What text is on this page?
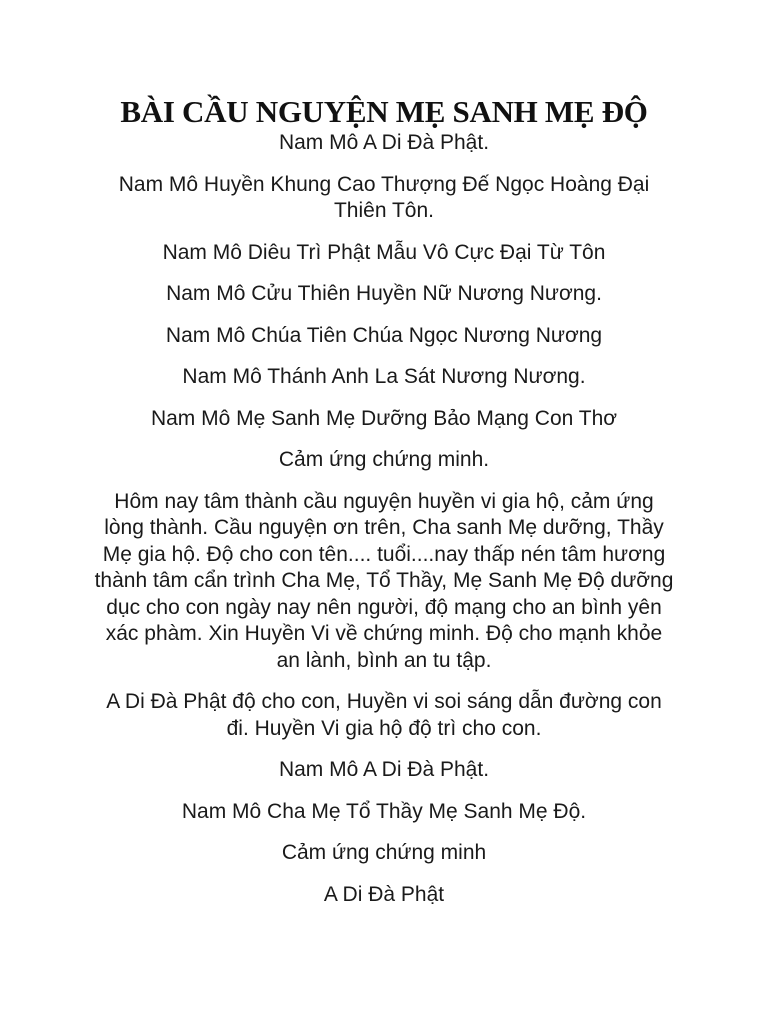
BÀI CẦU NGUYỆN MẸ SANH MẸ ĐỘ

Nam Mô A Di Đà Phật.

Nam Mô Huyền Khung Cao Thượng Đế Ngọc Hoàng Đại Thiên Tôn.

Nam Mô Diêu Trì Phật Mẫu Vô Cực Đại Từ Tôn

Nam Mô Cửu Thiên Huyền Nữ Nương Nương.

Nam Mô Chúa Tiên Chúa Ngọc Nương Nương

Nam Mô Thánh Anh La Sát Nương Nương.

Nam Mô Mẹ Sanh Mẹ Dưỡng Bảo Mạng Con Thơ

Cảm ứng chứng minh.

Hôm nay tâm thành cầu nguyện huyền vi gia hộ, cảm ứng lòng thành. Cầu nguyện ơn trên, Cha sanh Mẹ dưỡng, Thầy Mẹ gia hộ. Độ cho con tên.... tuổi....nay thấp nén tâm hương thành tâm cẩn trình Cha Mẹ, Tổ Thầy, Mẹ Sanh Mẹ Độ dưỡng dục cho con ngày nay nên người, độ mạng cho an bình yên xác phàm. Xin Huyền Vi về chứng minh. Độ cho mạnh khỏe an lành, bình an tu tập.

A Di Đà Phật độ cho con, Huyền vi soi sáng dẫn đường con đi. Huyền Vi gia hộ độ trì cho con.

Nam Mô A Di Đà Phật.

Nam Mô Cha Mẹ Tổ Thầy Mẹ Sanh Mẹ Độ.

Cảm ứng chứng minh

A Di Đà Phật
